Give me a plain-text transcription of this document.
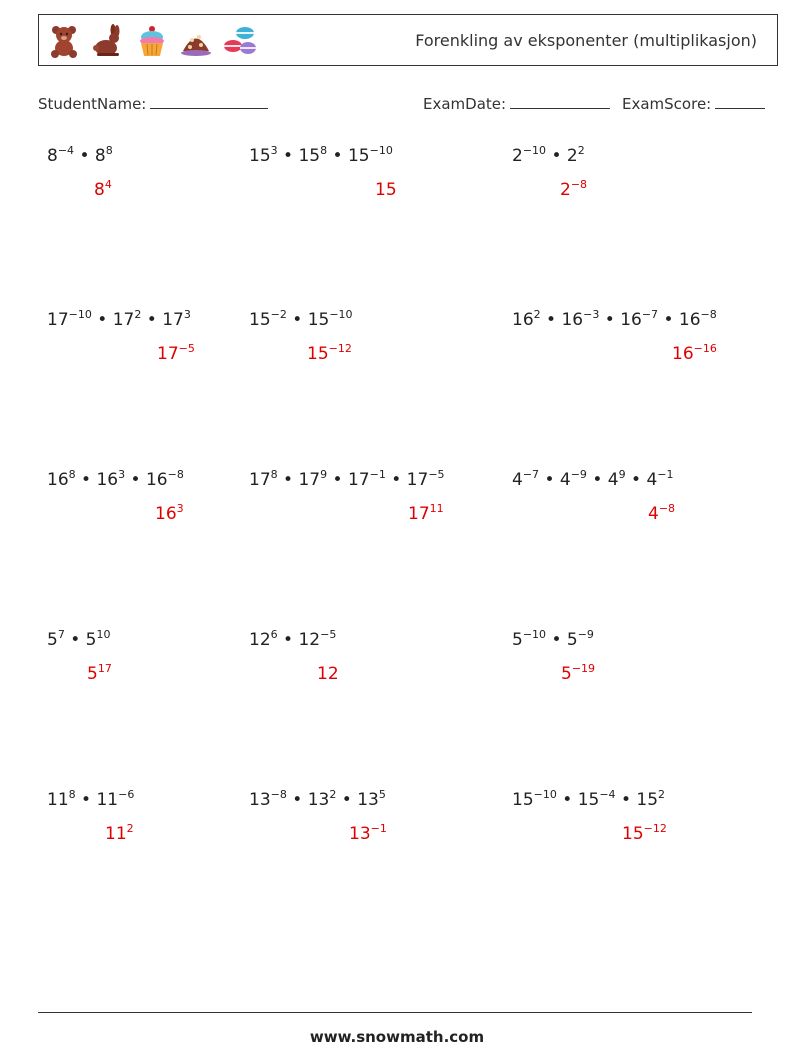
Forenkling av eksponenter (multiplikasjon)
StudentName:	ExamDate:	ExamScore:
$8^{-4}$ • $8^8$
$8^4$
$15^3$ • $15^8$ • $15^{-10}$
15
$2^{-10}$ • $2^2$
$2^{-8}$
$17^{-10}$ • $17^2$ • $17^3$
$17^{-5}$
$15^{-2}$ • $15^{-10}$
$15^{-12}$
$16^2$ • $16^{-3}$ • $16^{-7}$ • $16^{-8}$
$16^{-16}$
$16^8$ • $16^3$ • $16^{-8}$
$16^3$
$17^8$ • $17^9$ • $17^{-1}$ • $17^{-5}$
$17^{11}$
$4^{-7}$ • $4^{-9}$ • $4^9$ • $4^{-1}$
$4^{-8}$
$5^7$ • $5^{10}$
$5^{17}$
$12^6$ • $12^{-5}$
12
$5^{-10}$ • $5^{-9}$
$5^{-19}$
$11^8$ • $11^{-6}$
$11^2$
$13^{-8}$ • $13^2$ • $13^5$
$13^{-1}$
$15^{-10}$ • $15^{-4}$ • $15^2$
$15^{-12}$
www.snowmath.com
